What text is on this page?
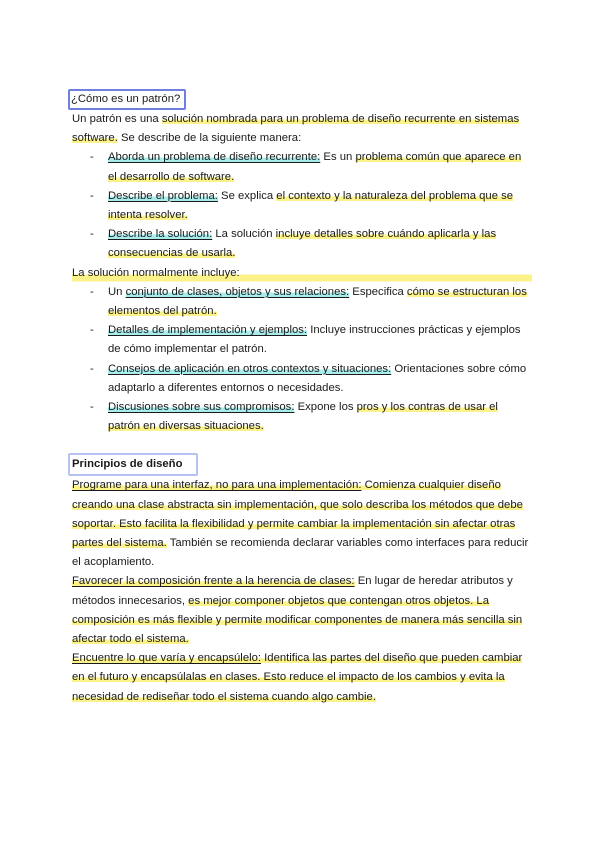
¿Cómo es un patrón?

Un patrón es una solución nombrada para un problema de diseño recurrente en sistemas software. Se describe de la siguiente manera:

- Aborda un problema de diseño recurrente: Es un problema común que aparece en el desarrollo de software.
- Describe el problema: Se explica el contexto y la naturaleza del problema que se intenta resolver.
- Describe la solución: La solución incluye detalles sobre cuándo aplicarla y las consecuencias de usarla.

La solución normalmente incluye:

- Un conjunto de clases, objetos y sus relaciones: Especifica cómo se estructuran los elementos del patrón.
- Detalles de implementación y ejemplos: Incluye instrucciones prácticas y ejemplos de cómo implementar el patrón.
- Consejos de aplicación en otros contextos y situaciones: Orientaciones sobre cómo adaptarlo a diferentes entornos o necesidades.
- Discusiones sobre sus compromisos: Expone los pros y los contras de usar el patrón en diversas situaciones.
Principios de diseño

Programe para una interfaz, no para una implementación: Comienza cualquier diseño creando una clase abstracta sin implementación, que solo describa los métodos que debe soportar. Esto facilita la flexibilidad y permite cambiar la implementación sin afectar otras partes del sistema. También se recomienda declarar variables como interfaces para reducir el acoplamiento.

Favorecer la composición frente a la herencia de clases: En lugar de heredar atributos y métodos innecesarios, es mejor componer objetos que contengan otros objetos. La composición es más flexible y permite modificar componentes de manera más sencilla sin afectar todo el sistema.

Encuentre lo que varía y encapsúlelo: Identifica las partes del diseño que pueden cambiar en el futuro y encapsúlalas en clases. Esto reduce el impacto de los cambios y evita la necesidad de rediseñar todo el sistema cuando algo cambie.
